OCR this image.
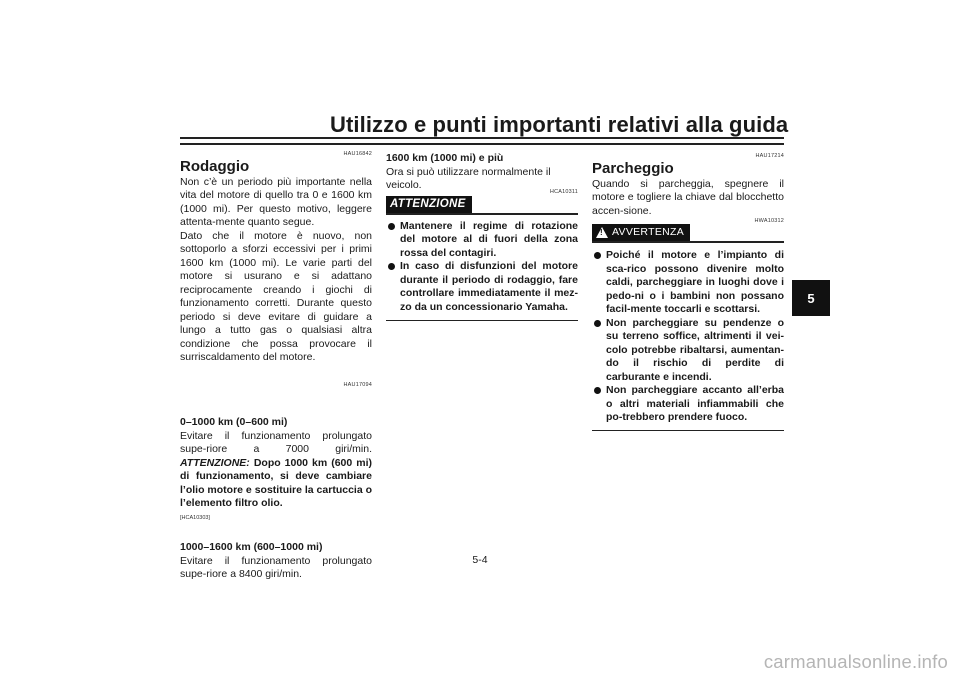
Utilizzo e punti importanti relativi alla guida
5
HAU16842
Rodaggio
Non c’è un periodo più importante nella vita del motore di quello tra 0 e 1600 km (1000 mi). Per questo motivo, leggere attenta-mente quanto segue.
Dato che il motore è nuovo, non sottoporlo a sforzi eccessivi per i primi 1600 km (1000 mi). Le varie parti del motore si usurano e si adattano reciprocamente creando i giochi di funzionamento corretti. Durante questo periodo si deve evitare di guidare a lungo a tutto gas o qualsiasi altra condizione che possa provocare il surriscaldamento del motore.
HAU17094
0–1000 km (0–600 mi)
Evitare il funzionamento prolungato supe-riore a 7000 giri/min. ATTENZIONE: Dopo 1000 km (600 mi) di funzionamento, si deve cambiare l’olio motore e sostituire la cartuccia o l’elemento filtro olio.
[HCA10303]
1000–1600 km (600–1000 mi)
Evitare il funzionamento prolungato supe-riore a 8400 giri/min.
1600 km (1000 mi) e più
Ora si può utilizzare normalmente il veicolo.
ATTENZIONE
HCA10311
Mantenere il regime di rotazione del motore al di fuori della zona rossa del contagiri.
In caso di disfunzioni del motore durante il periodo di rodaggio, fare controllare immediatamente il mez-zo da un concessionario Yamaha.
HAU17214
Parcheggio
Quando si parcheggia, spegnere il motore e togliere la chiave dal blocchetto accen-sione.
! AVVERTENZA
HWA10312
Poiché il motore e l’impianto di sca-rico possono divenire molto caldi, parcheggiare in luoghi dove i pedo-ni o i bambini non possano facil-mente toccarli e scottarsi.
Non parcheggiare su pendenze o su terreno soffice, altrimenti il vei-colo potrebbe ribaltarsi, aumentan-do il rischio di perdite di carburante e incendi.
Non parcheggiare accanto all’erba o altri materiali infiammabili che po-trebbero prendere fuoco.
5-4
carmanualsonline.info
